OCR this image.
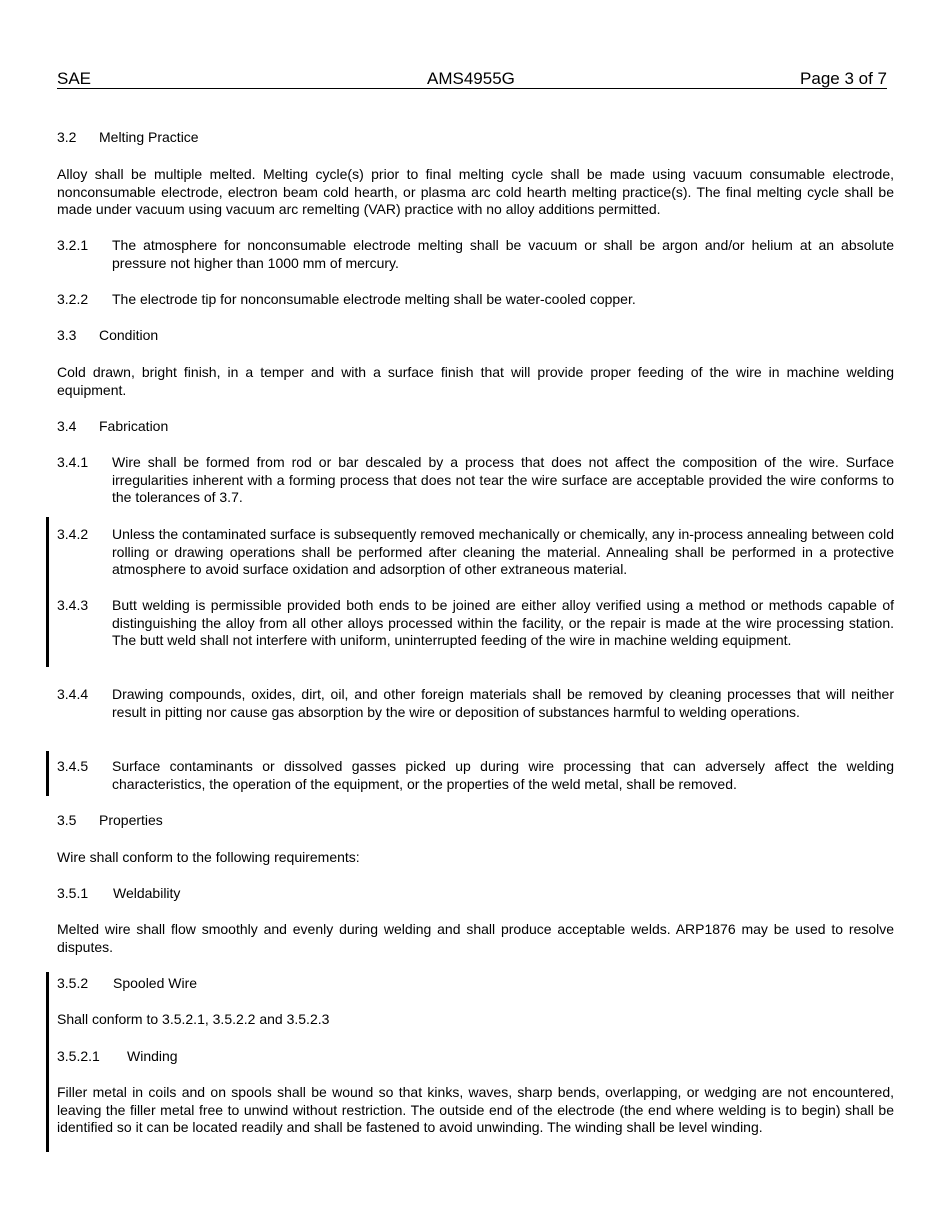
SAE	AMS4955G	Page 3 of 7
3.2 Melting Practice
Alloy shall be multiple melted. Melting cycle(s) prior to final melting cycle shall be made using vacuum consumable electrode, nonconsumable electrode, electron beam cold hearth, or plasma arc cold hearth melting practice(s). The final melting cycle shall be made under vacuum using vacuum arc remelting (VAR) practice with no alloy additions permitted.
3.2.1	The atmosphere for nonconsumable electrode melting shall be vacuum or shall be argon and/or helium at an absolute pressure not higher than 1000 mm of mercury.
3.2.2	The electrode tip for nonconsumable electrode melting shall be water-cooled copper.
3.3 Condition
Cold drawn, bright finish, in a temper and with a surface finish that will provide proper feeding of the wire in machine welding equipment.
3.4 Fabrication
3.4.1	Wire shall be formed from rod or bar descaled by a process that does not affect the composition of the wire. Surface irregularities inherent with a forming process that does not tear the wire surface are acceptable provided the wire conforms to the tolerances of 3.7.
3.4.2	Unless the contaminated surface is subsequently removed mechanically or chemically, any in-process annealing between cold rolling or drawing operations shall be performed after cleaning the material. Annealing shall be performed in a protective atmosphere to avoid surface oxidation and adsorption of other extraneous material.
3.4.3	Butt welding is permissible provided both ends to be joined are either alloy verified using a method or methods capable of distinguishing the alloy from all other alloys processed within the facility, or the repair is made at the wire processing station. The butt weld shall not interfere with uniform, uninterrupted feeding of the wire in machine welding equipment.
3.4.4	Drawing compounds, oxides, dirt, oil, and other foreign materials shall be removed by cleaning processes that will neither result in pitting nor cause gas absorption by the wire or deposition of substances harmful to welding operations.
3.4.5	Surface contaminants or dissolved gasses picked up during wire processing that can adversely affect the welding characteristics, the operation of the equipment, or the properties of the weld metal, shall be removed.
3.5 Properties
Wire shall conform to the following requirements:
3.5.1 Weldability
Melted wire shall flow smoothly and evenly during welding and shall produce acceptable welds. ARP1876 may be used to resolve disputes.
3.5.2 Spooled Wire
Shall conform to 3.5.2.1, 3.5.2.2 and 3.5.2.3
3.5.2.1 Winding
Filler metal in coils and on spools shall be wound so that kinks, waves, sharp bends, overlapping, or wedging are not encountered, leaving the filler metal free to unwind without restriction. The outside end of the electrode (the end where welding is to begin) shall be identified so it can be located readily and shall be fastened to avoid unwinding. The winding shall be level winding.
